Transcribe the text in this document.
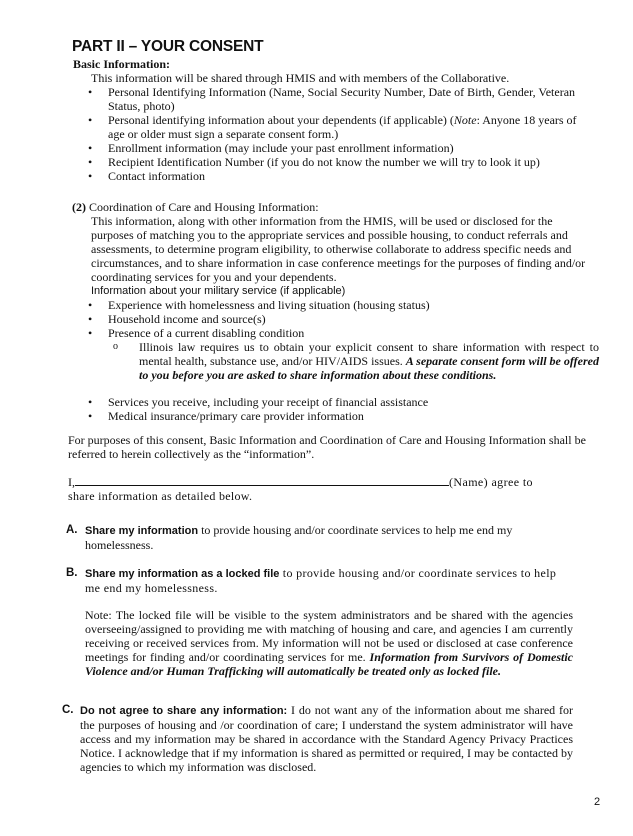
PART II – YOUR CONSENT
Basic Information:
This information will be shared through HMIS and with members of the Collaborative.
• Personal Identifying Information (Name, Social Security Number, Date of Birth, Gender, Veteran Status, photo)
• Personal identifying information about your dependents (if applicable) (Note: Anyone 18 years of age or older must sign a separate consent form.)
• Enrollment information (may include your past enrollment information)
• Recipient Identification Number (if you do not know the number we will try to look it up)
• Contact information
(2) Coordination of Care and Housing Information:
This information, along with other information from the HMIS, will be used or disclosed for the purposes of matching you to the appropriate services and possible housing, to conduct referrals and assessments, to determine program eligibility, to otherwise collaborate to address specific needs and circumstances, and to share information in case conference meetings for the purposes of finding and/or coordinating services for you and your dependents.
Information about your military service (if applicable)
• Experience with homelessness and living situation (housing status)
• Household income and source(s)
• Presence of a current disabling condition
o Illinois law requires us to obtain your explicit consent to share information with respect to mental health, substance use, and/or HIV/AIDS issues. A separate consent form will be offered to you before you are asked to share information about these conditions.
• Services you receive, including your receipt of financial assistance
• Medical insurance/primary care provider information
For purposes of this consent, Basic Information and Coordination of Care and Housing Information shall be referred to herein collectively as the “information”.
I,	(Name) agree to
share information as detailed below.
A. Share my information to provide housing and/or coordinate services to help me end my homelessness.
B. Share my information as a locked file to provide housing and/or coordinate services to help me end my homelessness.
Note: The locked file will be visible to the system administrators and be shared with the agencies overseeing/assigned to providing me with matching of housing and care, and agencies I am currently receiving or received services from. My information will not be used or disclosed at case conference meetings for finding and/or coordinating services for me. Information from Survivors of Domestic Violence and/or Human Trafficking will automatically be treated only as locked file.
C. Do not agree to share any information: I do not want any of the information about me shared for the purposes of housing and /or coordination of care; I understand the system administrator will have access and my information may be shared in accordance with the Standard Agency Privacy Practices Notice. I acknowledge that if my information is shared as permitted or required, I may be contacted by agencies to which my information was disclosed.
2
